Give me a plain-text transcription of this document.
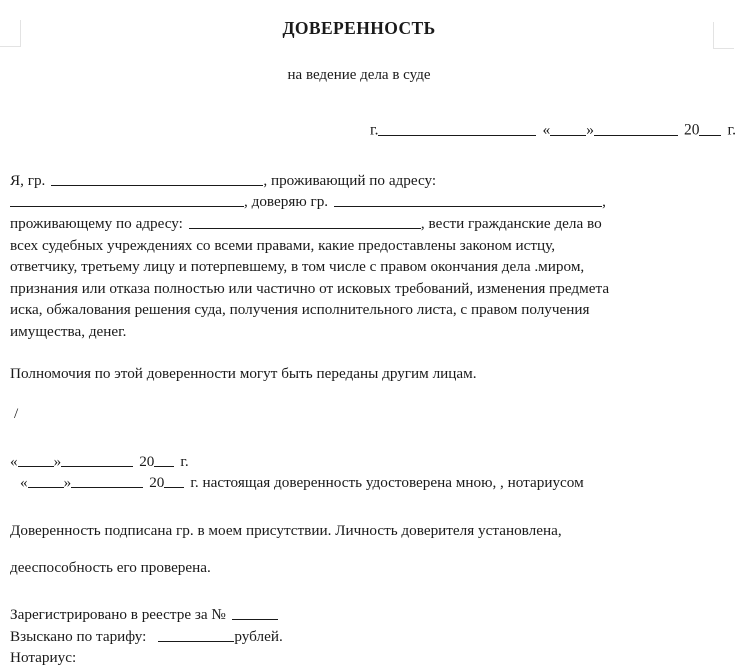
ДОВЕРЕННОСТЬ
на ведение дела в суде
г.	« »	20 г.

Я, гр.	, проживающий по адресу:

, доверяю гр.	,

проживающему по адресу:	, вести гражданские дела во

всех судебных учреждениях со всеми правами, какие предоставлены законом истцу,

ответчику, третьему лицу и потерпевшему, в том числе с правом окончания дела .миром,

признания или отказа полностью или частично от исковых требований, изменения предмета

иска, обжалования решения суда, получения исполнительного листа, с правом получения

имущества, денег.

Полномочия по этой доверенности могут быть переданы другим лицам.

/
« »	20 г.
« »	20 г. настоящая доверенность удостоверена мною, , нотариусом

Доверенность подписана гр. в моем присутствии. Личность доверителя установлена,

дееспособность его проверена.

Зарегистрировано в реестре за №
Взыскано по тарифу:	рублей.
Нотариус:
